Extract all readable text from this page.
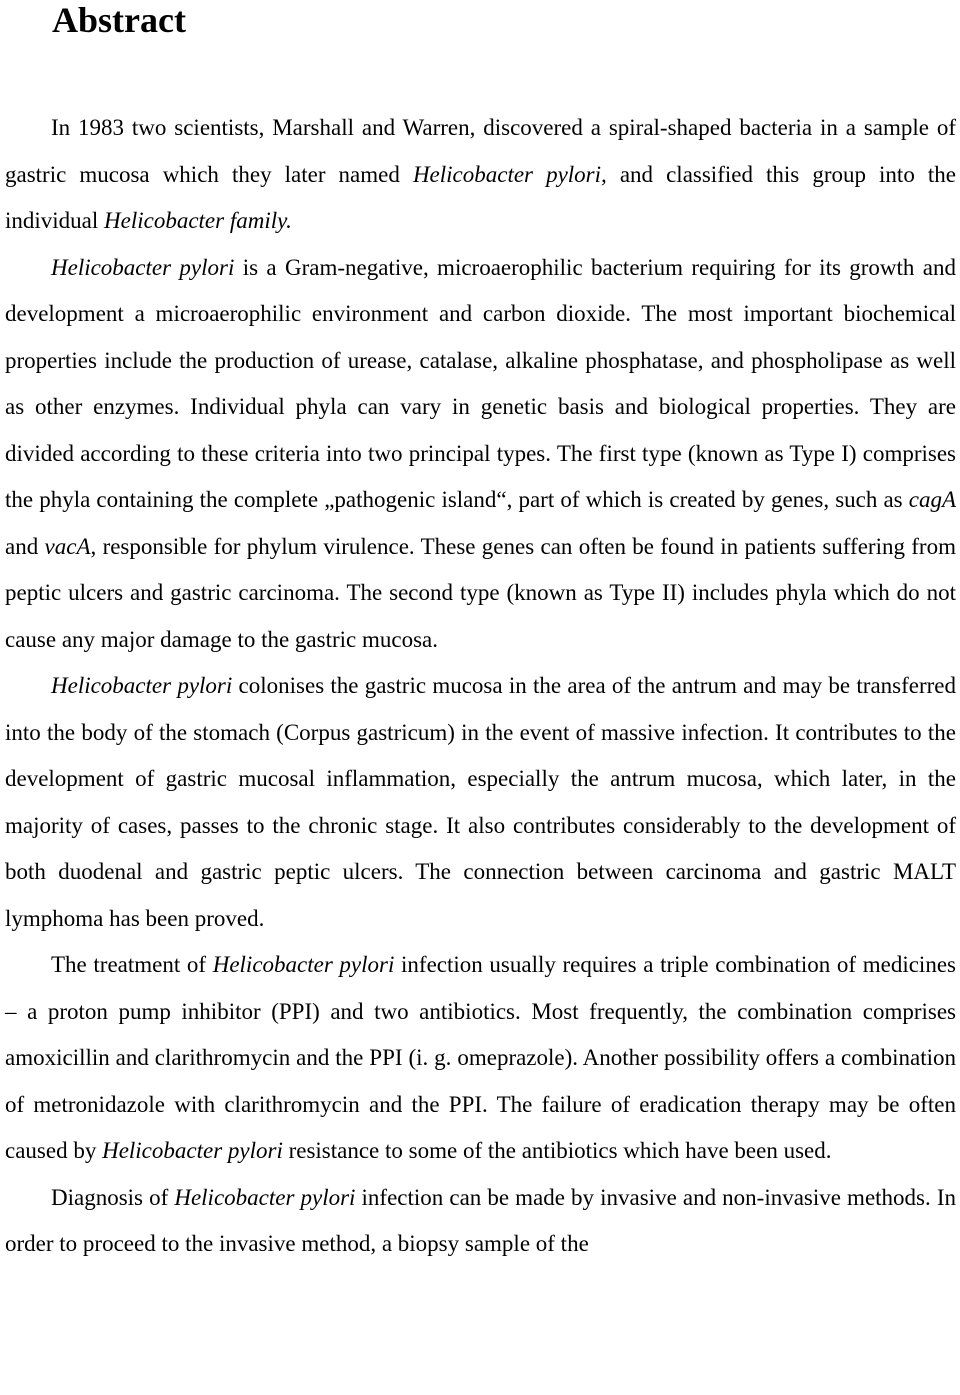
Abstract

In 1983 two scientists, Marshall and Warren, discovered a spiral-shaped bacteria in a sample of gastric mucosa which they later named Helicobacter pylori, and classified this group into the individual Helicobacter family.

Helicobacter pylori is a Gram-negative, microaerophilic bacterium requiring for its growth and development a microaerophilic environment and carbon dioxide. The most important biochemical properties include the production of urease, catalase, alkaline phosphatase, and phospholipase as well as other enzymes. Individual phyla can vary in genetic basis and biological properties. They are divided according to these criteria into two principal types. The first type (known as Type I) comprises the phyla containing the complete „pathogenic island“, part of which is created by genes, such as cagA and vacA, responsible for phylum virulence. These genes can often be found in patients suffering from peptic ulcers and gastric carcinoma. The second type (known as Type II) includes phyla which do not cause any major damage to the gastric mucosa.

Helicobacter pylori colonises the gastric mucosa in the area of the antrum and may be transferred into the body of the stomach (Corpus gastricum) in the event of massive infection. It contributes to the development of gastric mucosal inflammation, especially the antrum mucosa, which later, in the majority of cases, passes to the chronic stage. It also contributes considerably to the development of both duodenal and gastric peptic ulcers. The connection between carcinoma and gastric MALT lymphoma has been proved.

The treatment of Helicobacter pylori infection usually requires a triple combination of medicines – a proton pump inhibitor (PPI) and two antibiotics. Most frequently, the combination comprises amoxicillin and clarithromycin and the PPI (i. g. omeprazole). Another possibility offers a combination of metronidazole with clarithromycin and the PPI. The failure of eradication therapy may be often caused by Helicobacter pylori resistance to some of the antibiotics which have been used.

Diagnosis of Helicobacter pylori infection can be made by invasive and non-invasive methods. In order to proceed to the invasive method, a biopsy sample of the
